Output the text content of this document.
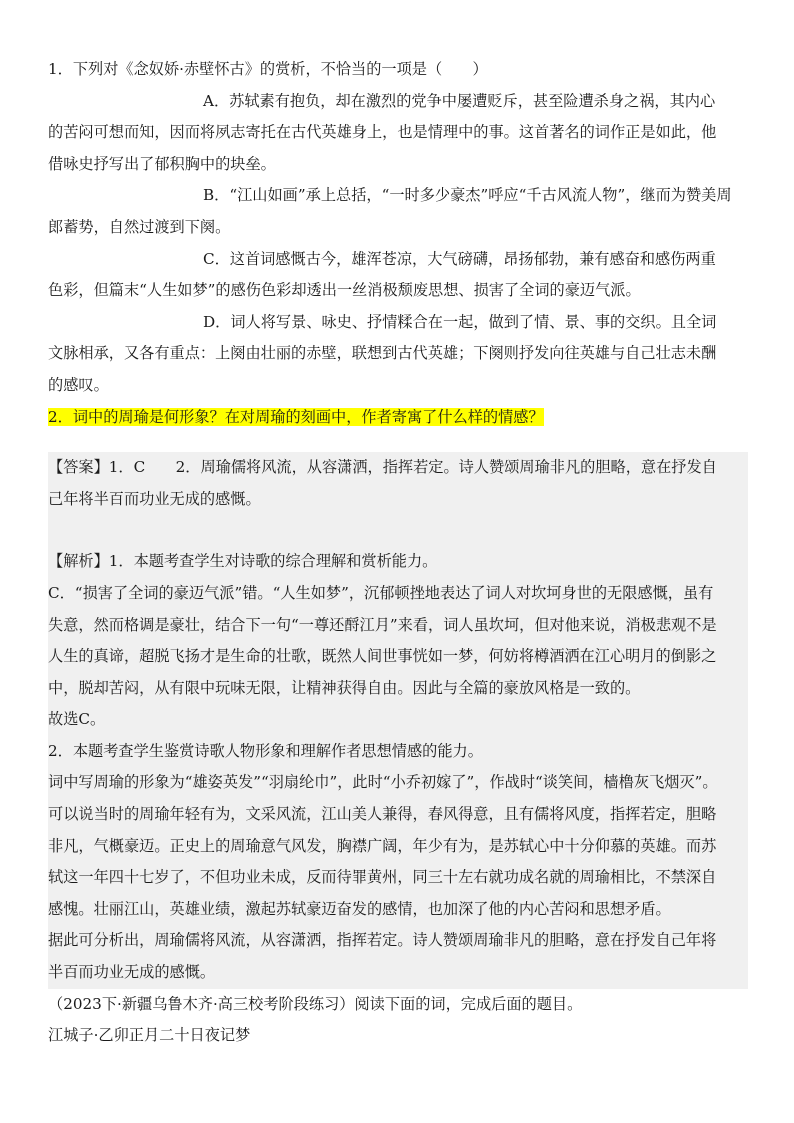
1．下列对《念奴娇·赤壁怀古》的赏析，不恰当的一项是（　　）
A．苏轼素有抱负，却在激烈的党争中屡遭贬斥，甚至险遭杀身之祸，其内心
的苦闷可想而知，因而将夙志寄托在古代英雄身上，也是情理中的事。这首著名的词作正是如此，他
借咏史抒写出了郁积胸中的块垒。
B．“江山如画”承上总括，“一时多少豪杰”呼应“千古风流人物”，继而为赞美周
郎蓄势，自然过渡到下阕。
C．这首词感慨古今，雄浑苍凉，大气磅礴，昂扬郁勃，兼有感奋和感伤两重
色彩，但篇末“人生如梦”的感伤色彩却透出一丝消极颓废思想、损害了全词的豪迈气派。
D．词人将写景、咏史、抒情糅合在一起，做到了情、景、事的交织。且全词
文脉相承，又各有重点：上阕由壮丽的赤壁，联想到古代英雄；下阕则抒发向往英雄与自己壮志未酬
的感叹。
2．词中的周瑜是何形象？在对周瑜的刻画中，作者寄寓了什么样的情感？
【答案】1．C　　2．周瑜儒将风流，从容潇洒，指挥若定。诗人赞颂周瑜非凡的胆略，意在抒发自
己年将半百而功业无成的感慨。
【解析】1．本题考查学生对诗歌的综合理解和赏析能力。
C．“损害了全词的豪迈气派”错。“人生如梦”，沉郁顿挫地表达了词人对坎坷身世的无限感慨，虽有
失意，然而格调是豪壮，结合下一句“一尊还酹江月”来看，词人虽坎坷，但对他来说，消极悲观不是
人生的真谛，超脱飞扬才是生命的壮歌，既然人间世事恍如一梦，何妨将樽酒洒在江心明月的倒影之
中，脱却苦闷，从有限中玩味无限，让精神获得自由。因此与全篇的豪放风格是一致的。
故选C。
2．本题考查学生鉴赏诗歌人物形象和理解作者思想情感的能力。
词中写周瑜的形象为“雄姿英发”“羽扇纶巾”，此时“小乔初嫁了”，作战时“谈笑间，樯橹灰飞烟灭”。
可以说当时的周瑜年轻有为，文采风流，江山美人兼得，春风得意，且有儒将风度，指挥若定，胆略
非凡，气概豪迈。正史上的周瑜意气风发，胸襟广阔，年少有为，是苏轼心中十分仰慕的英雄。而苏
轼这一年四十七岁了，不但功业未成，反而待罪黄州，同三十左右就功成名就的周瑜相比，不禁深自
感愧。壮丽江山，英雄业绩，激起苏轼豪迈奋发的感情，也加深了他的内心苦闷和思想矛盾。
据此可分析出，周瑜儒将风流，从容潇洒，指挥若定。诗人赞颂周瑜非凡的胆略，意在抒发自己年将
半百而功业无成的感慨。
（2023下·新疆乌鲁木齐·高三校考阶段练习）阅读下面的词，完成后面的题目。
江城子·乙卯正月二十日夜记梦
